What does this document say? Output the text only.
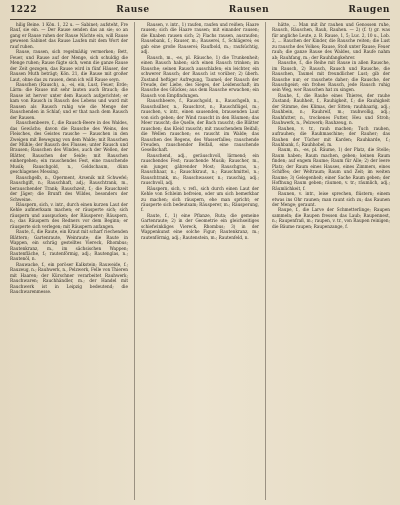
1222	Rause	Rausen	Raugen

hilig Beine. 1 Kön. 1, 22 u. — Sabinet; aufsteht, Fre Rauf, sie ein. — Der Rause senden das an sie; so an gang er Rause ruhen der Rause Nächte ein, will Rause gewesen Sabinet das Rause Laufen mit dem Wort der rauf ruhen.

Rause, rausen, sich regelmäßig vermerken; Bett, Feuer, und Rause auf der Menge, sich schuldig die Menge ruhen; Rause fügte sich, wenn die ganze Rause der Zeit gezogen, das Rause wird in fünf Häuser, der Rausen Muth beträgt; Kön. 21, die Rause mit großer Laut, ohne das zu rausen, denn ich will Rause seyn.

Rauschen (Rausch), a., -ei, ein, Lust, Feuer, Erde; Lärm: die Rause mit sehr lauten auch Brauch; die Rause ist hervor unter dem Rausch aufgerichtet; er kam von Rausch in Rausch des Lebens und ward mit Rausen als Rausch ruhig wie die Menge der Rauschenden in Schlaf; und er that nach dem Rausch der Rausen.

Rauschenbeere, f., die Rausch-Beere in des Waldes, das Gewächs; davon die Rausche des Weins, des Fleisches, des Geistes rausche — Rauschen in den Zweigen mit Bewegung von dem Walde; mit Rauschen der Mühle; der Rausch des Flusses; unter Rausch und Brausen; Rauschen des Windes, auch der Wellen, der Blätter, Rauschen der Seide; mit Rauschen einhergehen; ein rauschendes Fest, eine rauschende Musik; Rauschgold, n., Goldschaum, dünn geschlagenes Messing.

Rauschgelb, n., Operment, Arsenik mit Schwefel; Rauschgift, n.; Rauschhaft, adj.; Rauschtrank, m., berauschender Trank; Rauschzeit, f.; die Rauschzeit der Jäger; die Brunft des Wildes, besonders der Schweine.

Räuspern, sich, v. intr., durch einen kurzen Laut der Kehle aufmerksam machen; er räusperte sich; sich räuspern und ausspucken; der Räusperer; Räuspern, n.; das Räuspern des Redners vor dem Beginn; er räusperte sich verlegen; mit Räuspern anfangen.

Raute, f., die Raute, ein Kraut mit scharf riechenden Blättern; Gartenraute, Weinraute; die Raute in Wappen, ein schräg gestelltes Viereck, Rhombus; Rautenkranz, m., im sächsischen Wappen; Rautenfläche, f.; rautenförmig, adj.; Rautenglas, n.; Rautenöl, n.

Rauwacke, f., ein poröser Kalkstein; Rauweide, f.; Rauzeug, n.; Rauhwerk, n., Pelzwerk, Felle von Thieren mit Haaren; der Kürschner verarbeitet Rauhwerk; Rauchwaren; Rauchhändler, m.; der Handel mit Rauchwerk ist in Leipzig bedeutend; die Rauchwarenmesse.

Rausen, v. intr., 1) raufen, raufen und reißen; Haare rausen; sich die Haare rausen; mit einander rausen; die Knaben rausen sich; 2) Flachs rausen, ausraufen; Rausebank, f.; Rauser, m.; Rauserei, f., Schlägerei; es gab eine große Rauserei; Raufbold, m.; raufsüchtig, adj.

Rausch, m., -es, pl. Räusche, 1) die Trunkenheit; einen Rausch haben; sich einen Rausch trinken; im Rausche; seinen Rausch ausschlafen; ein leichter, ein schwerer Rausch; der Rausch ist vorüber; 2) überh. Zustand heftiger Aufregung, Taumel; der Rausch der Freude, der Liebe, des Sieges, der Leidenschaft; im Rausche des Glückes; aus dem Rausche erwachen; ein Rausch von Empfindungen.

Rauschbeere, f., Rauschgold, n., Rauschgelb, n., Rauschsilber, n., Rauschrot, n.; Rauschflügel, m.; rauschen, v. intr., einen sausenden, brausenden Laut von sich geben; der Wind rauscht in den Bäumen; das Meer rauscht; die Quelle, der Bach rauscht; die Blätter rauschen; das Kleid rauscht; mit rauschendem Beifall; die Wellen rauschen; es rauscht im Walde; das Rauschen des Regens, des Wasserfalles; rauschende Freuden, rauschender Beifall, eine rauschende Gesellschaft.

Rauschend, adj., geräuschvoll, lärmend; ein rauschendes Fest; rauschende Musik; Rauscher, m., ein junger, gährender Most; Rauschgras, n.; Rauschhaar, n.; Rauschkraut, n.; Rauschmittel, n.; Rauschtrank, m.; Rauschwasser, n.; rauschig, adj.; rauschvoll, adj.

Räuspern, sich, v. refl., sich durch einen Laut der Kehle von Schleim befreien, oder um sich bemerkbar zu machen; sich räuspern, ehe man spricht; er räusperte sich bedeutsam; Räusperer, m.; Räusperung, f.

Raute, f., 1) eine Pflanze, Ruta; die gemeine Gartenraute; 2) in der Geometrie ein gleichseitiges schiefwinkliges Viereck, Rhombus; 3) in der Wappenkunst eine solche Figur; Rautenkranz, m.; rautenförmig, adj.; Rautenstein, m.; Rautenfeld, n.

hätte, ... Man mit ihr rauhen und Genossen ruhe, Rausch, Räuschen, Rauh, Rauhen. — 2) (f. t) gr. was für angliche Leute, z. B. Rause, 1, 5; Luc. 2, 10 u., Lob. 2, ... Rauchen der Kinder, die Rausche reiten; die Lust zu rausche des Volkes; Rause, Stoß unter Rause; Feuer rauh; die ganze Rause des Waldes, und Raufe nahm ab; Rauhfang, m.; der Rauhfangkehrer.

Rausche, f., die Reihe mit Rause in allen Rausche, im Rausch, 2) Rausch, Rausch und Rausche, die Rauschen, Taumel mit freundlicher Lust; gib der Rausche nur; er rauschete daher; die Rausche, der Rauschgeist; ein frohes Rausch, jede Rausch ruhig sein Weg, wer Rauschen hat zu singen.

Rauhe, f., die Rauhe eines Thieres, der rauhe Zustand; Rauhheit, f., Rauhigkeit, f.; die Rauhigkeit der Stimme, des Klimas, der Sitten; rauhhaarig, adj.; Rauhbein, n.; Rauhreif, m.; rauhwollig, adj.; Rauhfutter, n., trockenes Futter, Heu und Stroh; Rauhwerk, n., Pelzwerk; Rauhzeug, n.

Rauhen, v. tr., rauh machen; Tuch rauhen, aufrauhen; die Rauhmaschine; der Rauher; das Rauhen der Tücher mit Karden; Rauhkarde, f.; Rauhbank, f.; Rauhhobel, m.

Raum, m., -es, pl. Räume, 1) der Platz, die Stelle; Raum haben; Raum machen, geben; keinen Raum finden; auf engem Raume; Raum für Alle; 2) der leere Platz; der Raum eines Hauses, eines Zimmers, eines Schiffes; der Weltraum; Raum und Zeit; im weiten Raume; 3) Gelegenheit; einer Sache Raum geben; der Hoffnung Raum geben; räumen, v. tr.; räumlich, adj.; Räumlichkeit, f.

Raunen, v. intr., leise sprechen, flüstern; einem etwas ins Ohr raunen; man raunt sich zu; das Raunen der Menge; geraunt.

Raupe, f., die Larve der Schmetterlinge; Raupen sammeln; die Raupen fressen das Laub; Raupennest, n.; Raupenfraß, m.; raupen, v. tr., von Raupen reinigen; die Bäume raupen; Raupenzange, f.
